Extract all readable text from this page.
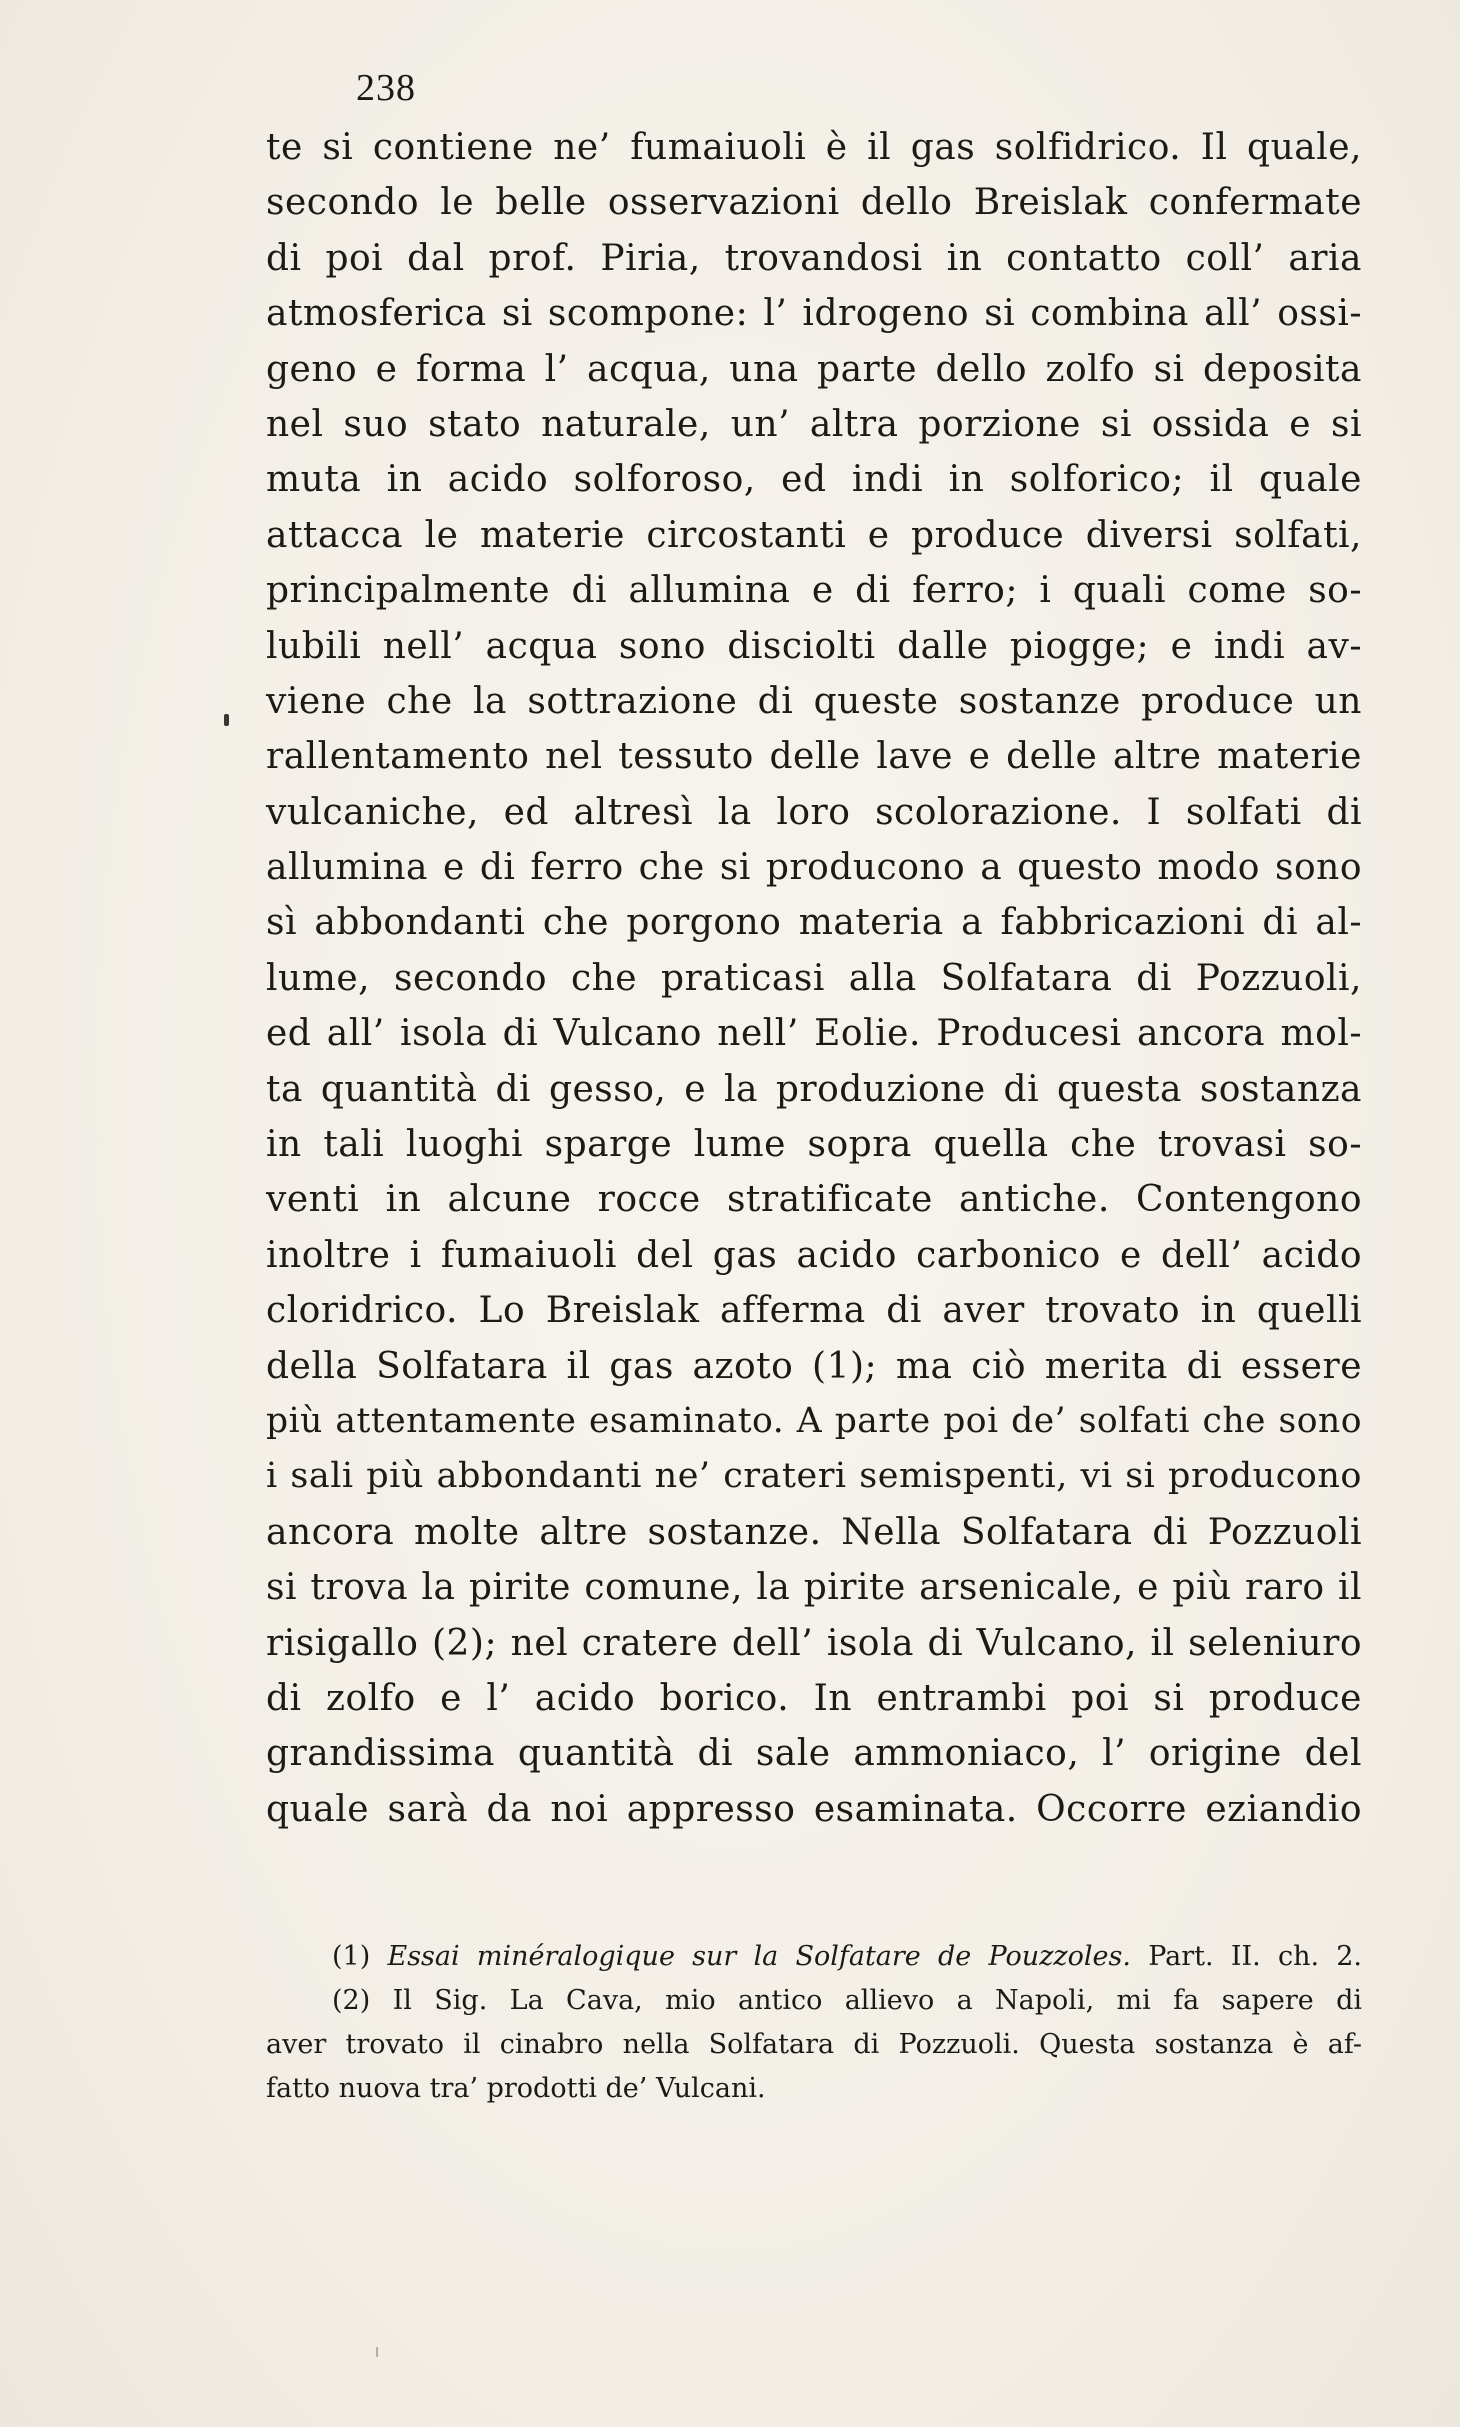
238
te si contiene ne’ fumaiuoli è il gas solfidrico. Il quale,
secondo le belle osservazioni dello Breislak confermate
di poi dal prof. Piria, trovandosi in contatto coll’ aria
atmosferica si scompone: l’ idrogeno si combina all’ ossi-
geno e forma l’ acqua, una parte dello zolfo si deposita
nel suo stato naturale, un’ altra porzione si ossida e si
muta in acido solforoso, ed indi in solforico; il quale
attacca le materie circostanti e produce diversi solfati,
principalmente di allumina e di ferro; i quali come so-
lubili nell’ acqua sono disciolti dalle piogge; e indi av-
viene che la sottrazione di queste sostanze produce un
rallentamento nel tessuto delle lave e delle altre materie
vulcaniche, ed altresì la loro scolorazione. I solfati di
allumina e di ferro che si producono a questo modo sono
sì abbondanti che porgono materia a fabbricazioni di al-
lume, secondo che praticasi alla Solfatara di Pozzuoli,
ed all’ isola di Vulcano nell’ Eolie. Producesi ancora mol-
ta quantità di gesso, e la produzione di questa sostanza
in tali luoghi sparge lume sopra quella che trovasi so-
venti in alcune rocce stratificate antiche. Contengono
inoltre i fumaiuoli del gas acido carbonico e dell’ acido
cloridrico. Lo Breislak afferma di aver trovato in quelli
della Solfatara il gas azoto (1); ma ciò merita di essere
più attentamente esaminato. A parte poi de’ solfati che sono
i sali più abbondanti ne’ crateri semispenti, vi si producono
ancora molte altre sostanze. Nella Solfatara di Pozzuoli
si trova la pirite comune, la pirite arsenicale, e più raro il
risigallo (2); nel cratere dell’ isola di Vulcano, il seleniuro
di zolfo e l’ acido borico. In entrambi poi si produce
grandissima quantità di sale ammoniaco, l’ origine del
quale sarà da noi appresso esaminata. Occorre eziandio
(1) Essai minéralogique sur la Solfatare de Pouzzoles. Part. II. ch. 2.
(2) Il Sig. La Cava, mio antico allievo a Napoli, mi fa sapere di
aver trovato il cinabro nella Solfatara di Pozzuoli. Questa sostanza è af-
fatto nuova tra’ prodotti de’ Vulcani.
